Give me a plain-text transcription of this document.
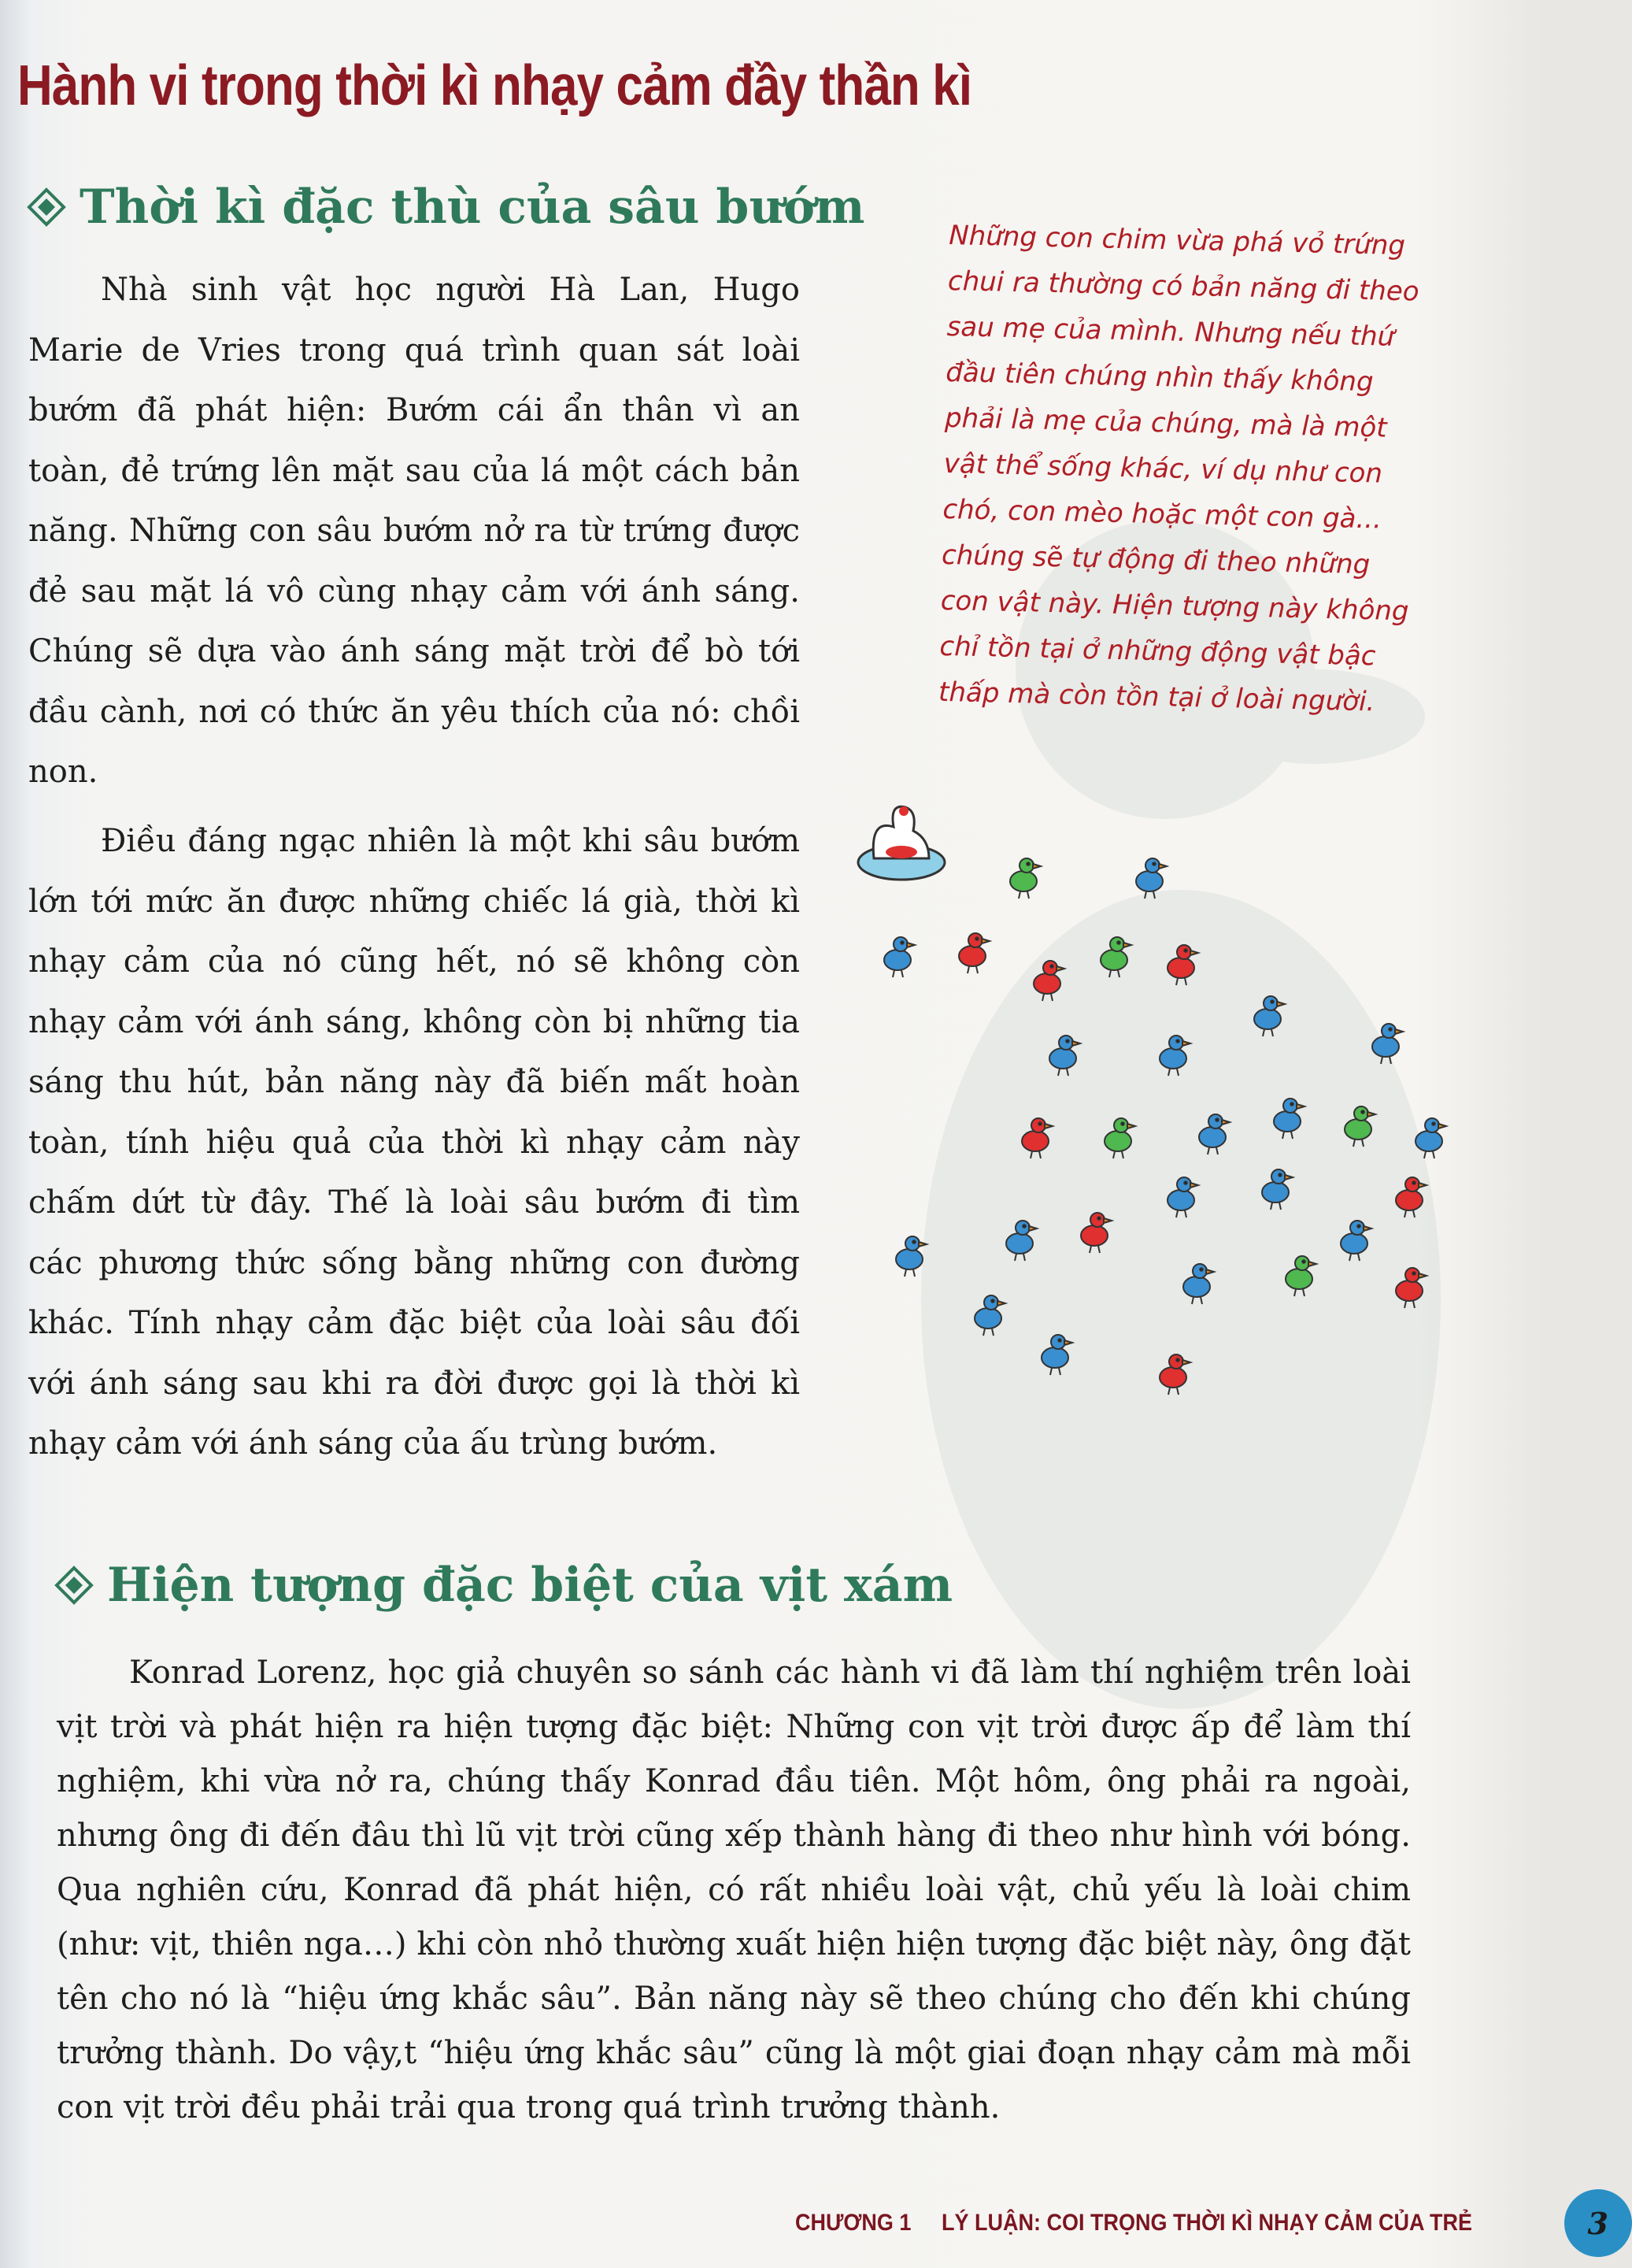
Hành vi trong thời kì nhạy cảm đầy thần kì
Thời kì đặc thù của sâu bướm

Nhà sinh vật học người Hà Lan, Hugo Marie de Vries trong quá trình quan sát loài bướm đã phát hiện: Bướm cái ẩn thân vì an toàn, đẻ trứng lên mặt sau của lá một cách bản năng. Những con sâu bướm nở ra từ trứng được đẻ sau mặt lá vô cùng nhạy cảm với ánh sáng. Chúng sẽ dựa vào ánh sáng mặt trời để bò tới đầu cành, nơi có thức ăn yêu thích của nó: chồi non.

Điều đáng ngạc nhiên là một khi sâu bướm lớn tới mức ăn được những chiếc lá già, thời kì nhạy cảm của nó cũng hết, nó sẽ không còn nhạy cảm với ánh sáng, không còn bị những tia sáng thu hút, bản năng này đã biến mất hoàn toàn, tính hiệu quả của thời kì nhạy cảm này chấm dứt từ đây. Thế là loài sâu bướm đi tìm các phương thức sống bằng những con đường khác. Tính nhạy cảm đặc biệt của loài sâu đối với ánh sáng sau khi ra đời được gọi là thời kì nhạy cảm với ánh sáng của ấu trùng bướm.

Những con chim vừa phá vỏ trứng chui ra thường có bản năng đi theo sau mẹ của mình. Nhưng nếu thứ đầu tiên chúng nhìn thấy không phải là mẹ của chúng, mà là một vật thể sống khác, ví dụ như con chó, con mèo hoặc một con gà... chúng sẽ tự động đi theo những con vật này. Hiện tượng này không chỉ tồn tại ở những động vật bậc thấp mà còn tồn tại ở loài người.

Hiện tượng đặc biệt của vịt xám

Konrad Lorenz, học giả chuyên so sánh các hành vi đã làm thí nghiệm trên loài vịt trời và phát hiện ra hiện tượng đặc biệt: Những con vịt trời được ấp để làm thí nghiệm, khi vừa nở ra, chúng thấy Konrad đầu tiên. Một hôm, ông phải ra ngoài, nhưng ông đi đến đâu thì lũ vịt trời cũng xếp thành hàng đi theo như hình với bóng. Qua nghiên cứu, Konrad đã phát hiện, có rất nhiều loài vật, chủ yếu là loài chim (như: vịt, thiên nga…) khi còn nhỏ thường xuất hiện hiện tượng đặc biệt này, ông đặt tên cho nó là “hiệu ứng khắc sâu”. Bản năng này sẽ theo chúng cho đến khi chúng trưởng thành. Do vậy,t “hiệu ứng khắc sâu” cũng là một giai đoạn nhạy cảm mà mỗi con vịt trời đều phải trải qua trong quá trình trưởng thành.

CHƯƠNG 1 LÝ LUẬN: COI TRỌNG THỜI KÌ NHẠY CẢM CỦA TRẺ	3
